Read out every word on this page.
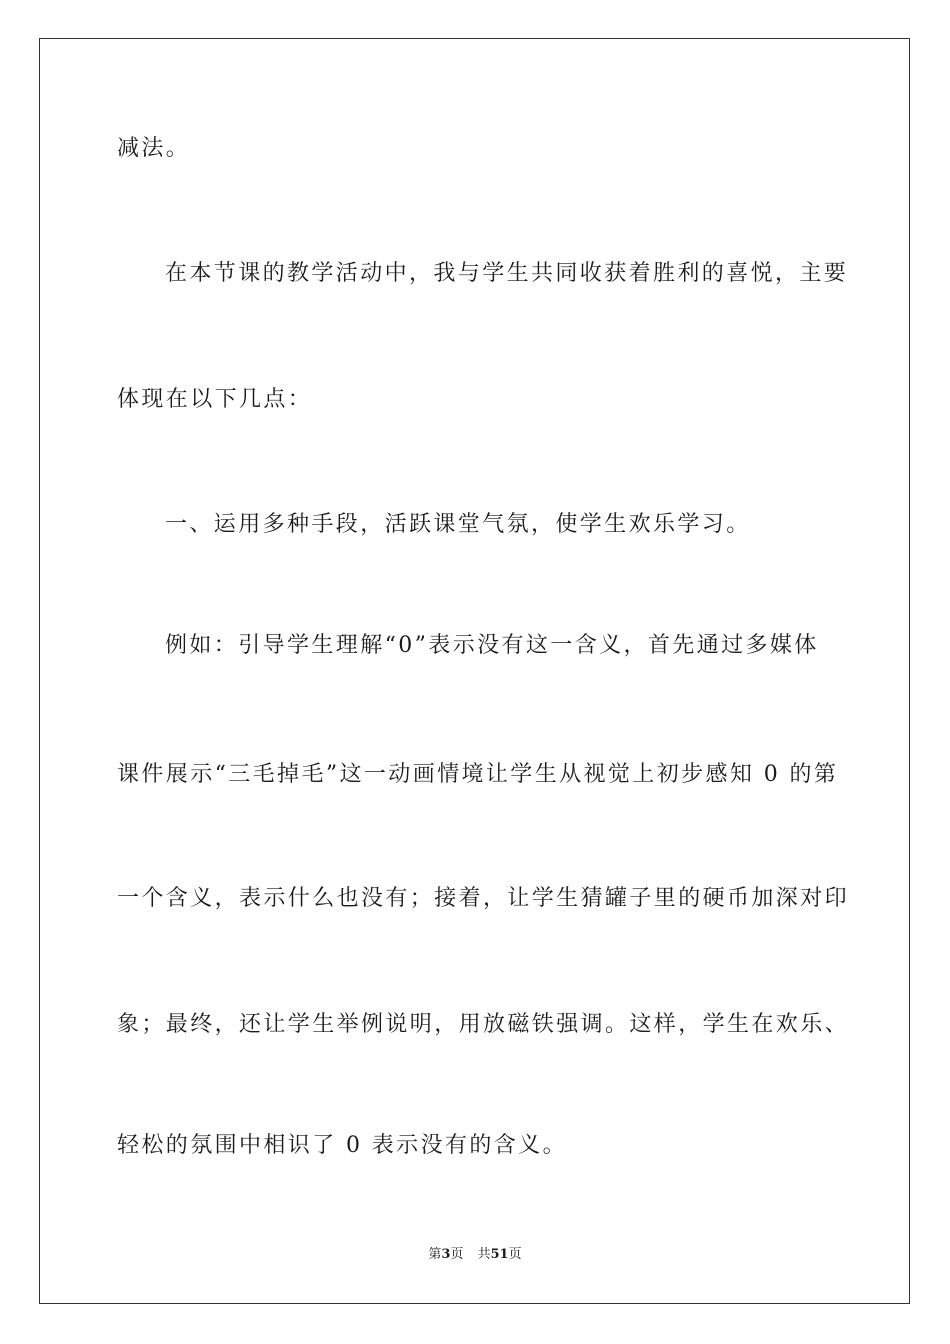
减法。
在本节课的教学活动中，我与学生共同收获着胜利的喜悦，主要
体现在以下几点：
一、运用多种手段，活跃课堂气氛，使学生欢乐学习。
例如：引导学生理解“0”表示没有这一含义，首先通过多媒体
课件展示“三毛掉毛”这一动画情境让学生从视觉上初步感知 0 的第
一个含义，表示什么也没有；接着，让学生猜罐子里的硬币加深对印
象；最终，还让学生举例说明，用放磁铁强调。这样，学生在欢乐、
轻松的氛围中相识了 0 表示没有的含义。
第3页 共51页
